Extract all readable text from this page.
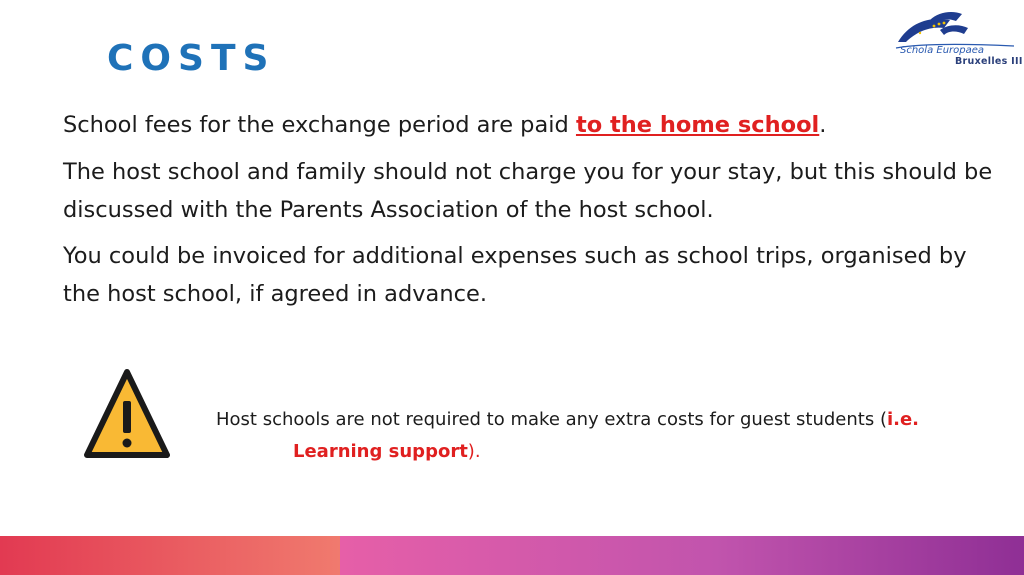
COSTS	Schola Europaea
Bruxelles III

School fees for the exchange period are paid to the home school.

The host school and family should not charge you for your stay, but this should be discussed with the Parents Association of the host school.

You could be invoiced for additional expenses such as school trips, organised by the host school, if agreed in advance.

Host schools are not required to make any extra costs for guest students (i.e.
Learning support).
